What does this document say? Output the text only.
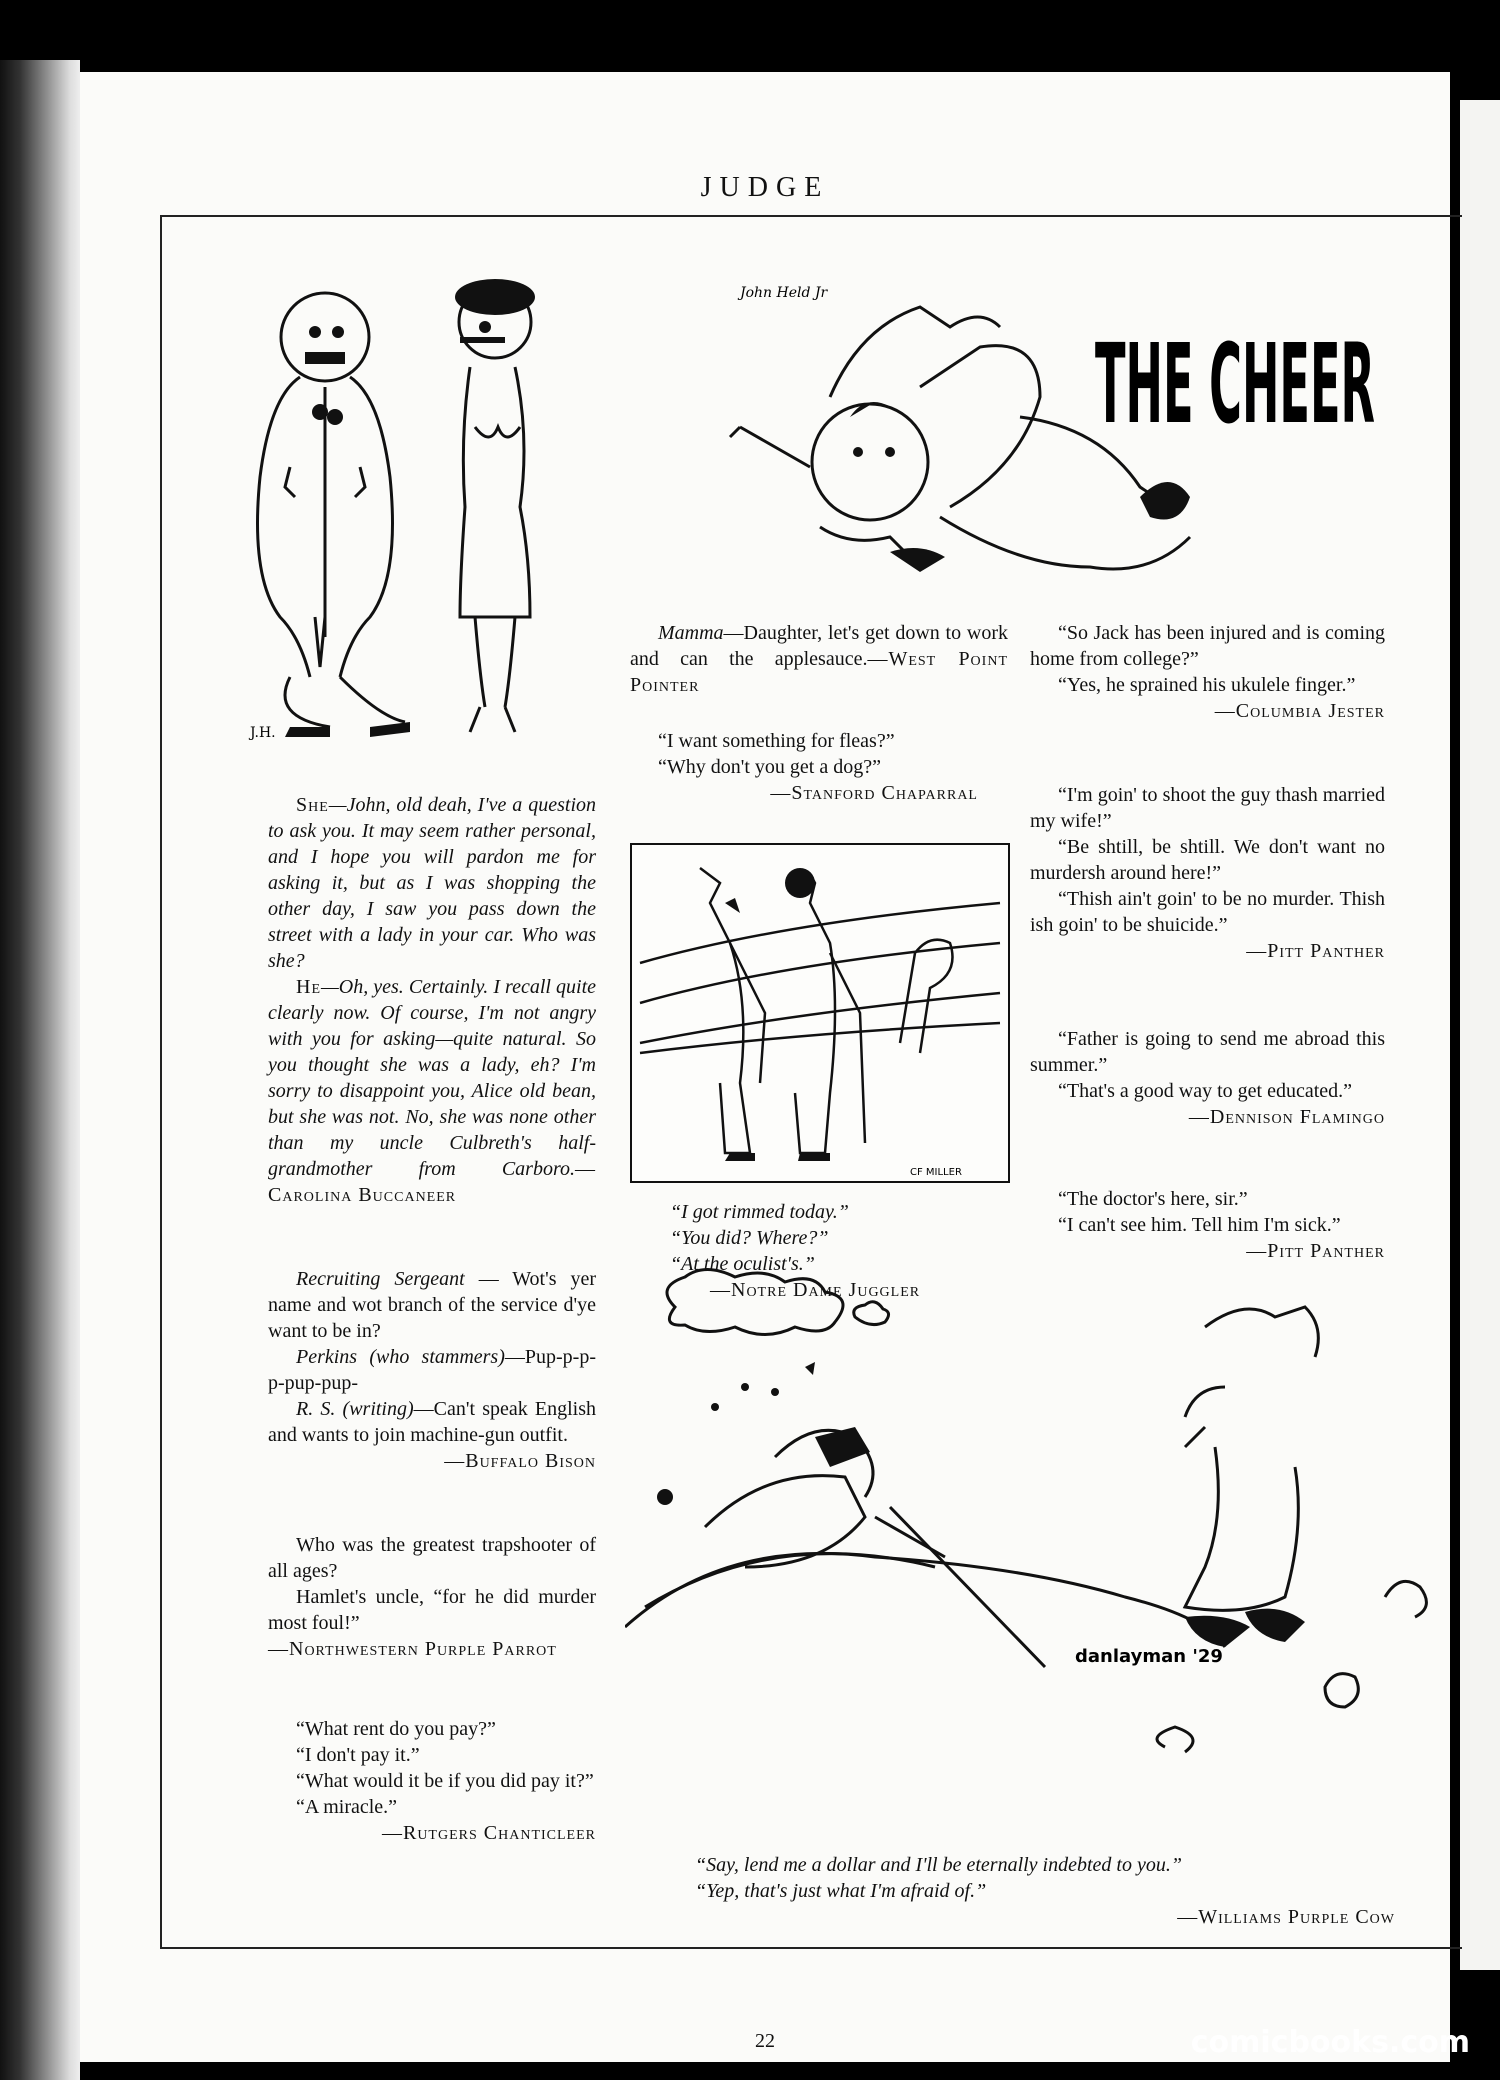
JUDGE
J.H.
John Held Jr
THE CHEER
CF MILLER
danlayman '29

She—John, old deah, I've a question to ask you. It may seem rather personal, and I hope you will pardon me for asking it, but as I was shopping the other day, I saw you pass down the street with a lady in your car. Who was she?

He—Oh, yes. Certainly. I recall quite clearly now. Of course, I'm not angry with you for asking—quite natural. So you thought she was a lady, eh? I'm sorry to disappoint you, Alice old bean, but she was not. No, she was none other than my uncle Culbreth's half-grandmother from Carboro.—Carolina Buccaneer

Recruiting Sergeant — Wot's yer name and wot branch of the service d'ye want to be in?

Perkins (who stammers)—Pup-p-p-p-pup-pup-

R. S. (writing)—Can't speak English and wants to join machine-gun outfit.

—Buffalo Bison

Who was the greatest trapshooter of all ages?

Hamlet's uncle, “for he did murder most foul!”

—Northwestern Purple Parrot

“What rent do you pay?”

“I don't pay it.”

“What would it be if you did pay it?”

“A miracle.”

—Rutgers Chanticleer

Mamma—Daughter, let's get down to work and can the applesauce.—West Point Pointer

“I want something for fleas?”

“Why don't you get a dog?”

—Stanford Chaparral

“I got rimmed today.”

“You did? Where?”

“At the oculist's.”

—Notre Dame Juggler

“So Jack has been injured and is coming home from college?”

“Yes, he sprained his ukulele finger.”

—Columbia Jester

“I'm goin' to shoot the guy thash married my wife!”

“Be shtill, be shtill. We don't want no murdersh around here!”

“Thish ain't goin' to be no murder. Thish ish goin' to be shuicide.”

—Pitt Panther

“Father is going to send me abroad this summer.”

“That's a good way to get educated.”

—Dennison Flamingo

“The doctor's here, sir.”

“I can't see him. Tell him I'm sick.”

—Pitt Panther

“Say, lend me a dollar and I'll be eternally indebted to you.”

“Yep, that's just what I'm afraid of.”

—Williams Purple Cow

22	comicbooks.com
